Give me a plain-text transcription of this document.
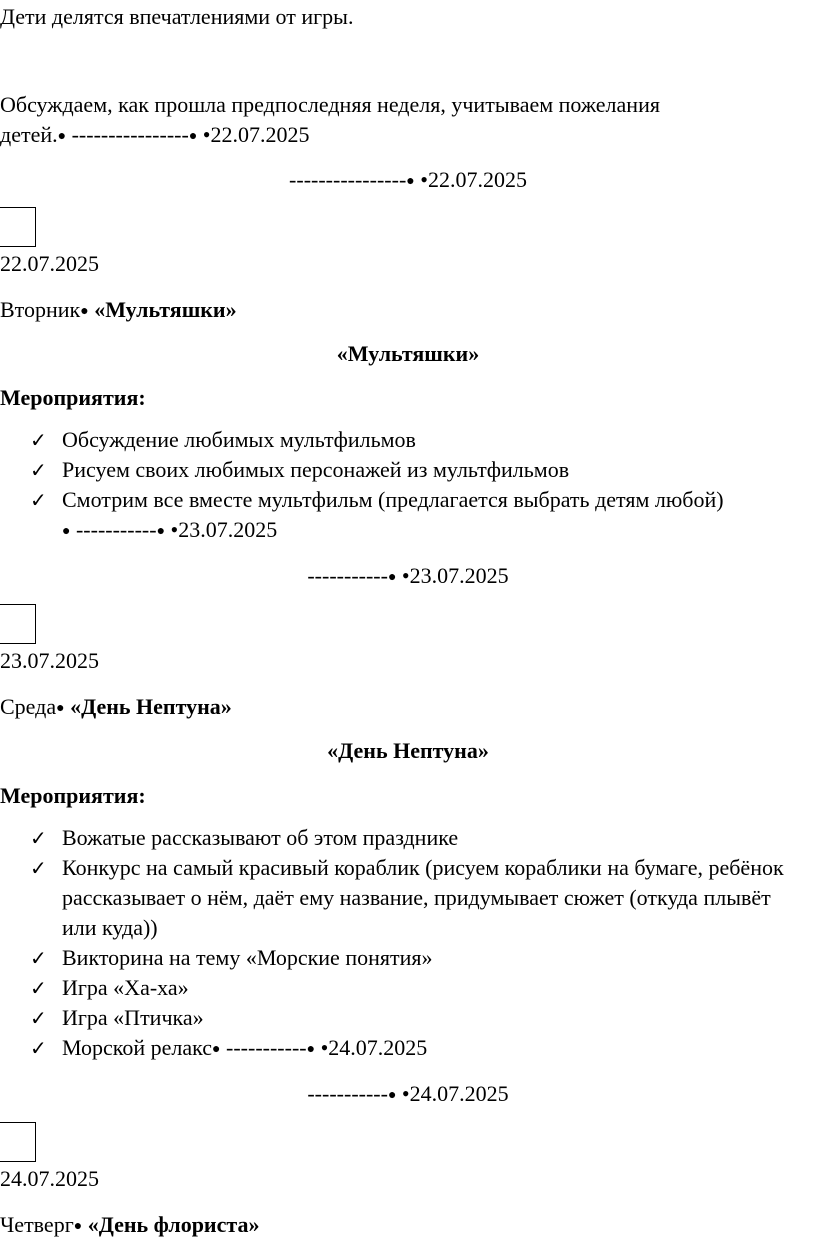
Дети делятся впечатлениями от игры.
Обсуждаем, как прошла предпоследняя неделя, учитываем пожелания
детей.● ----------------● •22.07.2025
----------------● •22.07.2025
22.07.2025
Вторник● «Мультяшки»
«Мультяшки»
Мероприятия:
✓ Обсуждение любимых мультфильмов
✓ Рисуем своих любимых персонажей из мультфильмов
✓ Смотрим все вместе мультфильм (предлагается выбрать детям любой)
● -----------● •23.07.2025
-----------● •23.07.2025
23.07.2025
Среда● «День Нептуна»
«День Нептуна»
Мероприятия:
✓ Вожатые рассказывают об этом празднике
✓ Конкурс на самый красивый кораблик (рисуем кораблики на бумаге, ребёнок рассказывает о нём, даёт ему название, придумывает сюжет (откуда плывёт или куда))
✓ Викторина на тему «Морские понятия»
✓ Игра «Ха-ха»
✓ Игра «Птичка»
✓ Морской релакс● -----------● •24.07.2025
-----------● •24.07.2025
24.07.2025
Четверг● «День флориста»
